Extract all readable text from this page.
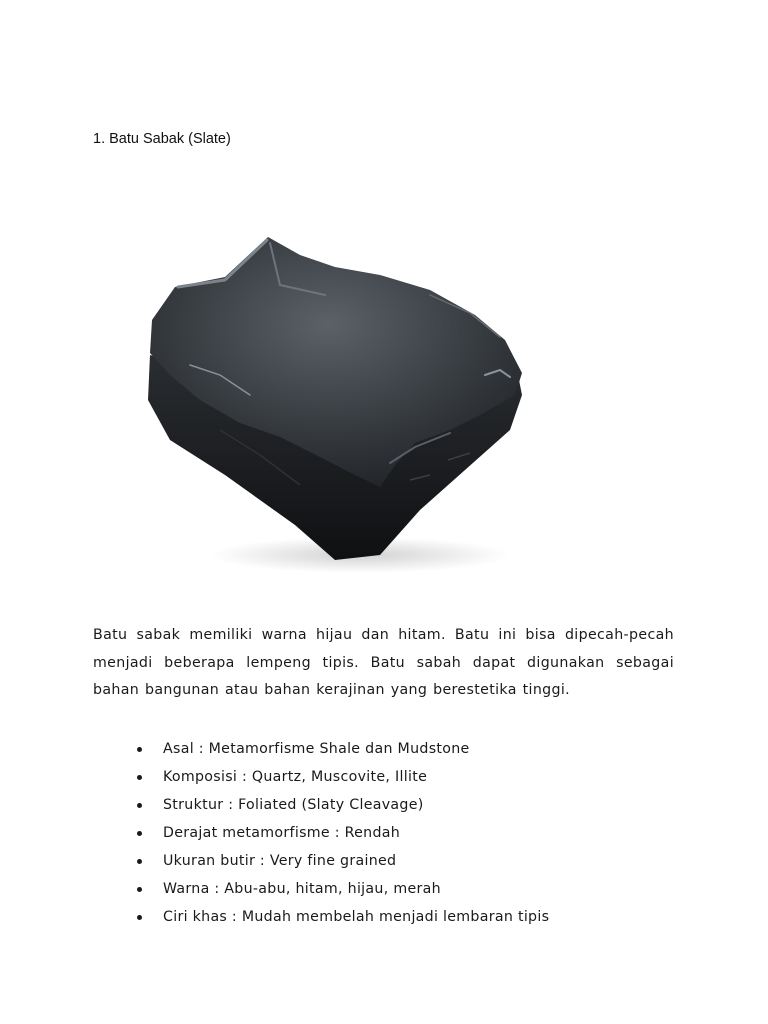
1. Batu Sabak (Slate)
Batu sabak memiliki warna hijau dan hitam. Batu ini bisa dipecah-pecah menjadi beberapa lempeng tipis. Batu sabah dapat digunakan sebagai bahan bangunan atau bahan kerajinan yang berestetika tinggi.
Asal : Metamorfisme Shale dan Mudstone
Komposisi : Quartz, Muscovite, Illite
Struktur : Foliated (Slaty Cleavage)
Derajat metamorfisme : Rendah
Ukuran butir : Very fine grained
Warna : Abu-abu, hitam, hijau, merah
Ciri khas : Mudah membelah menjadi lembaran tipis
